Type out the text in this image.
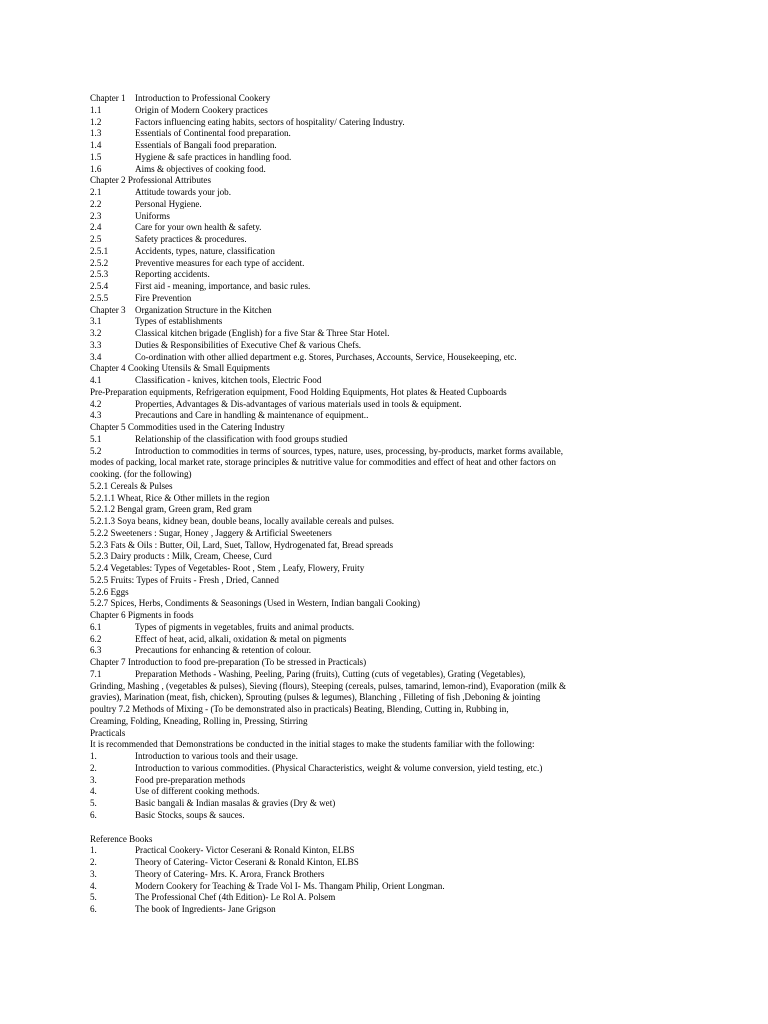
Chapter 1	Introduction to Professional Cookery
1.1	Origin of Modern Cookery practices
1.2	Factors influencing eating habits, sectors of hospitality/ Catering Industry.
1.3	Essentials of Continental food preparation.
1.4	Essentials of Bangali food preparation.
1.5	Hygiene & safe practices in handling food.
1.6	Aims & objectives of cooking food.
Chapter 2 Professional Attributes
2.1	Attitude towards your job.
2.2	Personal Hygiene.
2.3	Uniforms
2.4	Care for your own health & safety.
2.5	Safety practices & procedures.
2.5.1	Accidents, types, nature, classification
2.5.2	Preventive measures for each type of accident.
2.5.3	Reporting accidents.
2.5.4	First aid - meaning, importance, and basic rules.
2.5.5	Fire Prevention
Chapter 3	Organization Structure in the Kitchen
3.1	Types of establishments
3.2	Classical kitchen brigade (English) for a five Star & Three Star Hotel.
3.3	Duties & Responsibilities of Executive Chef & various Chefs.
3.4	Co-ordination with other allied department e.g. Stores, Purchases, Accounts, Service, Housekeeping, etc.
Chapter 4 Cooking Utensils & Small Equipments
4.1	Classification - knives, kitchen tools, Electric Food
Pre-Preparation equipments, Refrigeration equipment, Food Holding Equipments, Hot plates & Heated Cupboards
4.2	Properties, Advantages & Dis-advantages of various materials used in tools & equipment.
4.3	Precautions and Care in handling & maintenance of equipment..
Chapter 5 Commodities used in the Catering Industry
5.1	Relationship of the classification with food groups studied
5.2	Introduction to commodities in terms of sources, types, nature, uses, processing, by-products, market forms available,
modes of packing, local market rate, storage principles & nutritive value for commodities and effect of heat and other factors on
cooking. (for the following)
5.2.1 Cereals & Pulses
5.2.1.1 Wheat, Rice & Other millets in the region
5.2.1.2 Bengal gram, Green gram, Red gram
5.2.1.3 Soya beans, kidney bean, double beans, locally available cereals and pulses.
5.2.2 Sweeteners : Sugar, Honey , Jaggery & Artificial Sweeteners
5.2.3 Fats & Oils : Butter, Oil, Lard, Suet, Tallow, Hydrogenated fat, Bread spreads
5.2.3 Dairy products : Milk, Cream, Cheese, Curd
5.2.4 Vegetables: Types of Vegetables- Root , Stem , Leafy, Flowery, Fruity
5.2.5 Fruits: Types of Fruits - Fresh , Dried, Canned
5.2.6 Eggs
5.2.7 Spices, Herbs, Condiments & Seasonings (Used in Western, Indian bangali Cooking)
Chapter 6 Pigments in foods
6.1	Types of pigments in vegetables, fruits and animal products.
6.2	Effect of heat, acid, alkali, oxidation & metal on pigments
6.3	Precautions for enhancing & retention of colour.
Chapter 7 Introduction to food pre-preparation (To be stressed in Practicals)
7.1	Preparation Methods - Washing, Peeling, Paring (fruits), Cutting (cuts of vegetables), Grating (Vegetables),
Grinding, Mashing , (vegetables & pulses), Sieving (flours), Steeping (cereals, pulses, tamarind, lemon-rind), Evaporation (milk &
gravies), Marination (meat, fish, chicken), Sprouting (pulses & legumes), Blanching , Filleting of fish ,Deboning & jointing
poultry 7.2 Methods of Mixing - (To be demonstrated also in practicals) Beating, Blending, Cutting in, Rubbing in,
Creaming, Folding, Kneading, Rolling in, Pressing, Stirring
Practicals
It is recommended that Demonstrations be conducted in the initial stages to make the students familiar with the following:
1.	Introduction to various tools and their usage.
2.	Introduction to various commodities. (Physical Characteristics, weight & volume conversion, yield testing, etc.)
3.	Food pre-preparation methods
4.	Use of different cooking methods.
5.	Basic bangali & Indian masalas & gravies (Dry & wet)
6.	Basic Stocks, soups & sauces.
Reference Books
1.	Practical Cookery- Victor Ceserani & Ronald Kinton, ELBS
2.	Theory of Catering- Victor Ceserani & Ronald Kinton, ELBS
3.	Theory of Catering- Mrs. K. Arora, Franck Brothers
4.	Modern Cookery for Teaching & Trade Vol I- Ms. Thangam Philip, Orient Longman.
5.	The Professional Chef (4th Edition)- Le Rol A. Polsem
6.	The book of Ingredients- Jane Grigson
